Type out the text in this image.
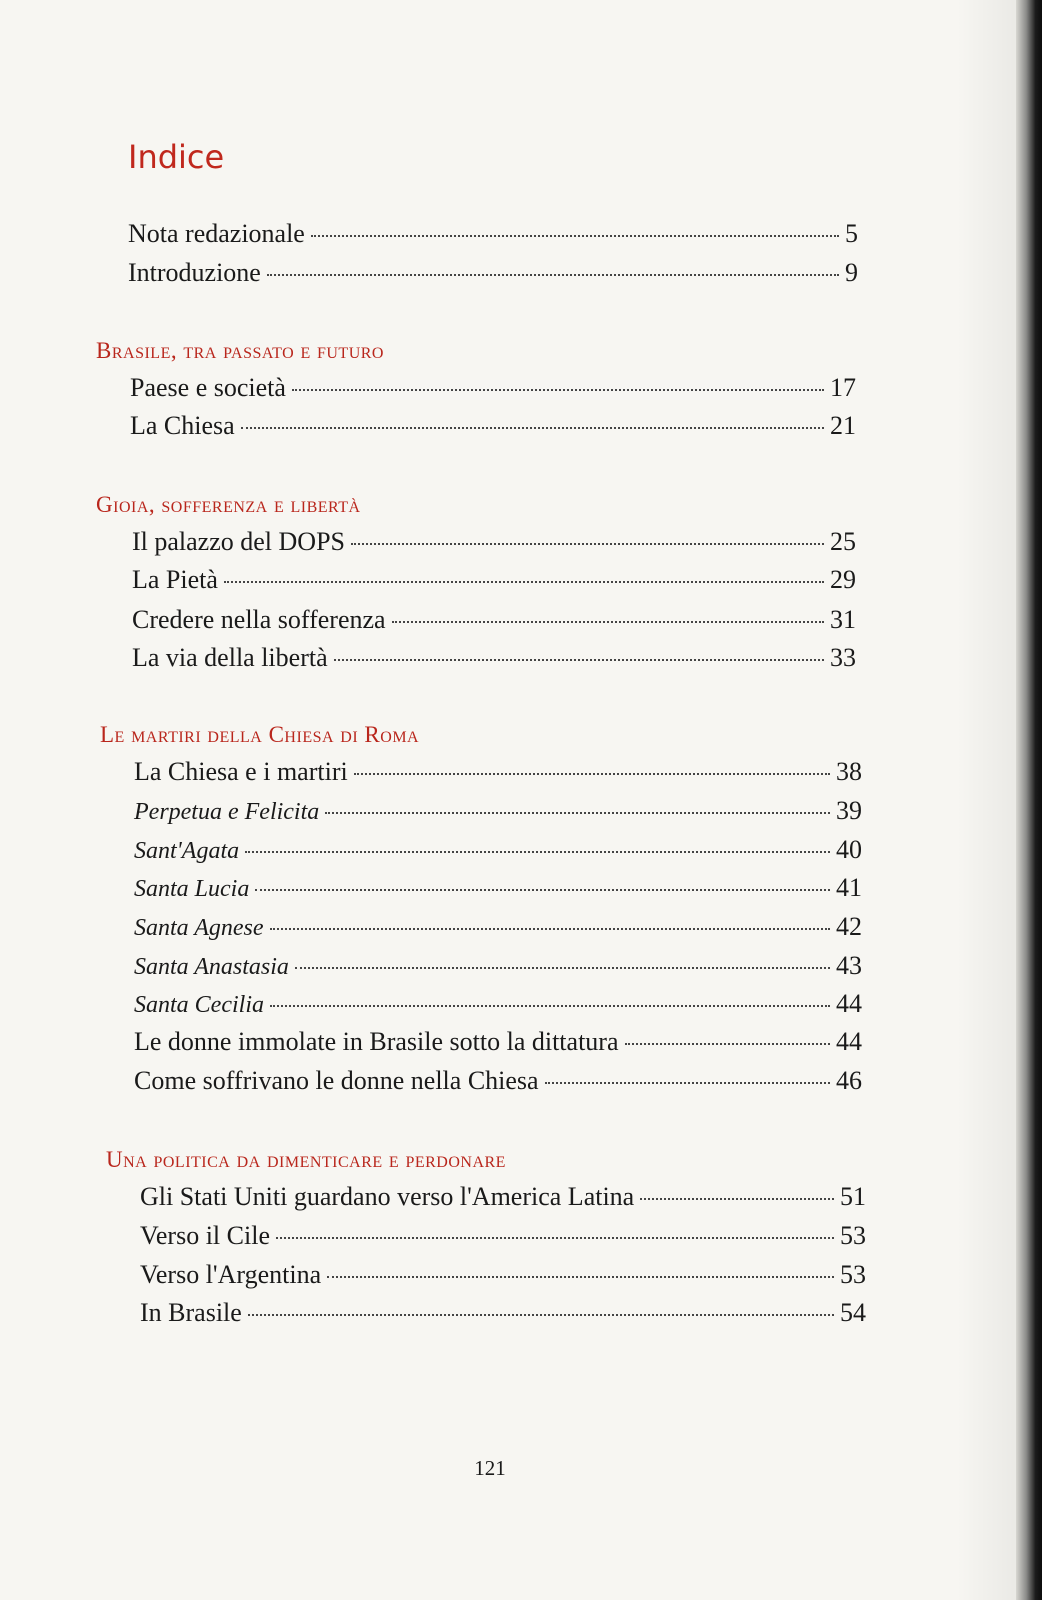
Indice
Nota redazionale	5
Introduzione	9
Brasile, tra passato e futuro
Paese e società	17
La Chiesa	21
Gioia, sofferenza e libertà
Il palazzo del DOPS	25
La Pietà	29
Credere nella sofferenza	31
La via della libertà	33
Le martiri della Chiesa di Roma
La Chiesa e i martiri	38
Perpetua e Felicita	39
Sant'Agata	40
Santa Lucia	41
Santa Agnese	42
Santa Anastasia	43
Santa Cecilia	44
Le donne immolate in Brasile sotto la dittatura	44
Come soffrivano le donne nella Chiesa	46
Una politica da dimenticare e perdonare
Gli Stati Uniti guardano verso l'America Latina	51
Verso il Cile	53
Verso l'Argentina	53
In Brasile	54

121
